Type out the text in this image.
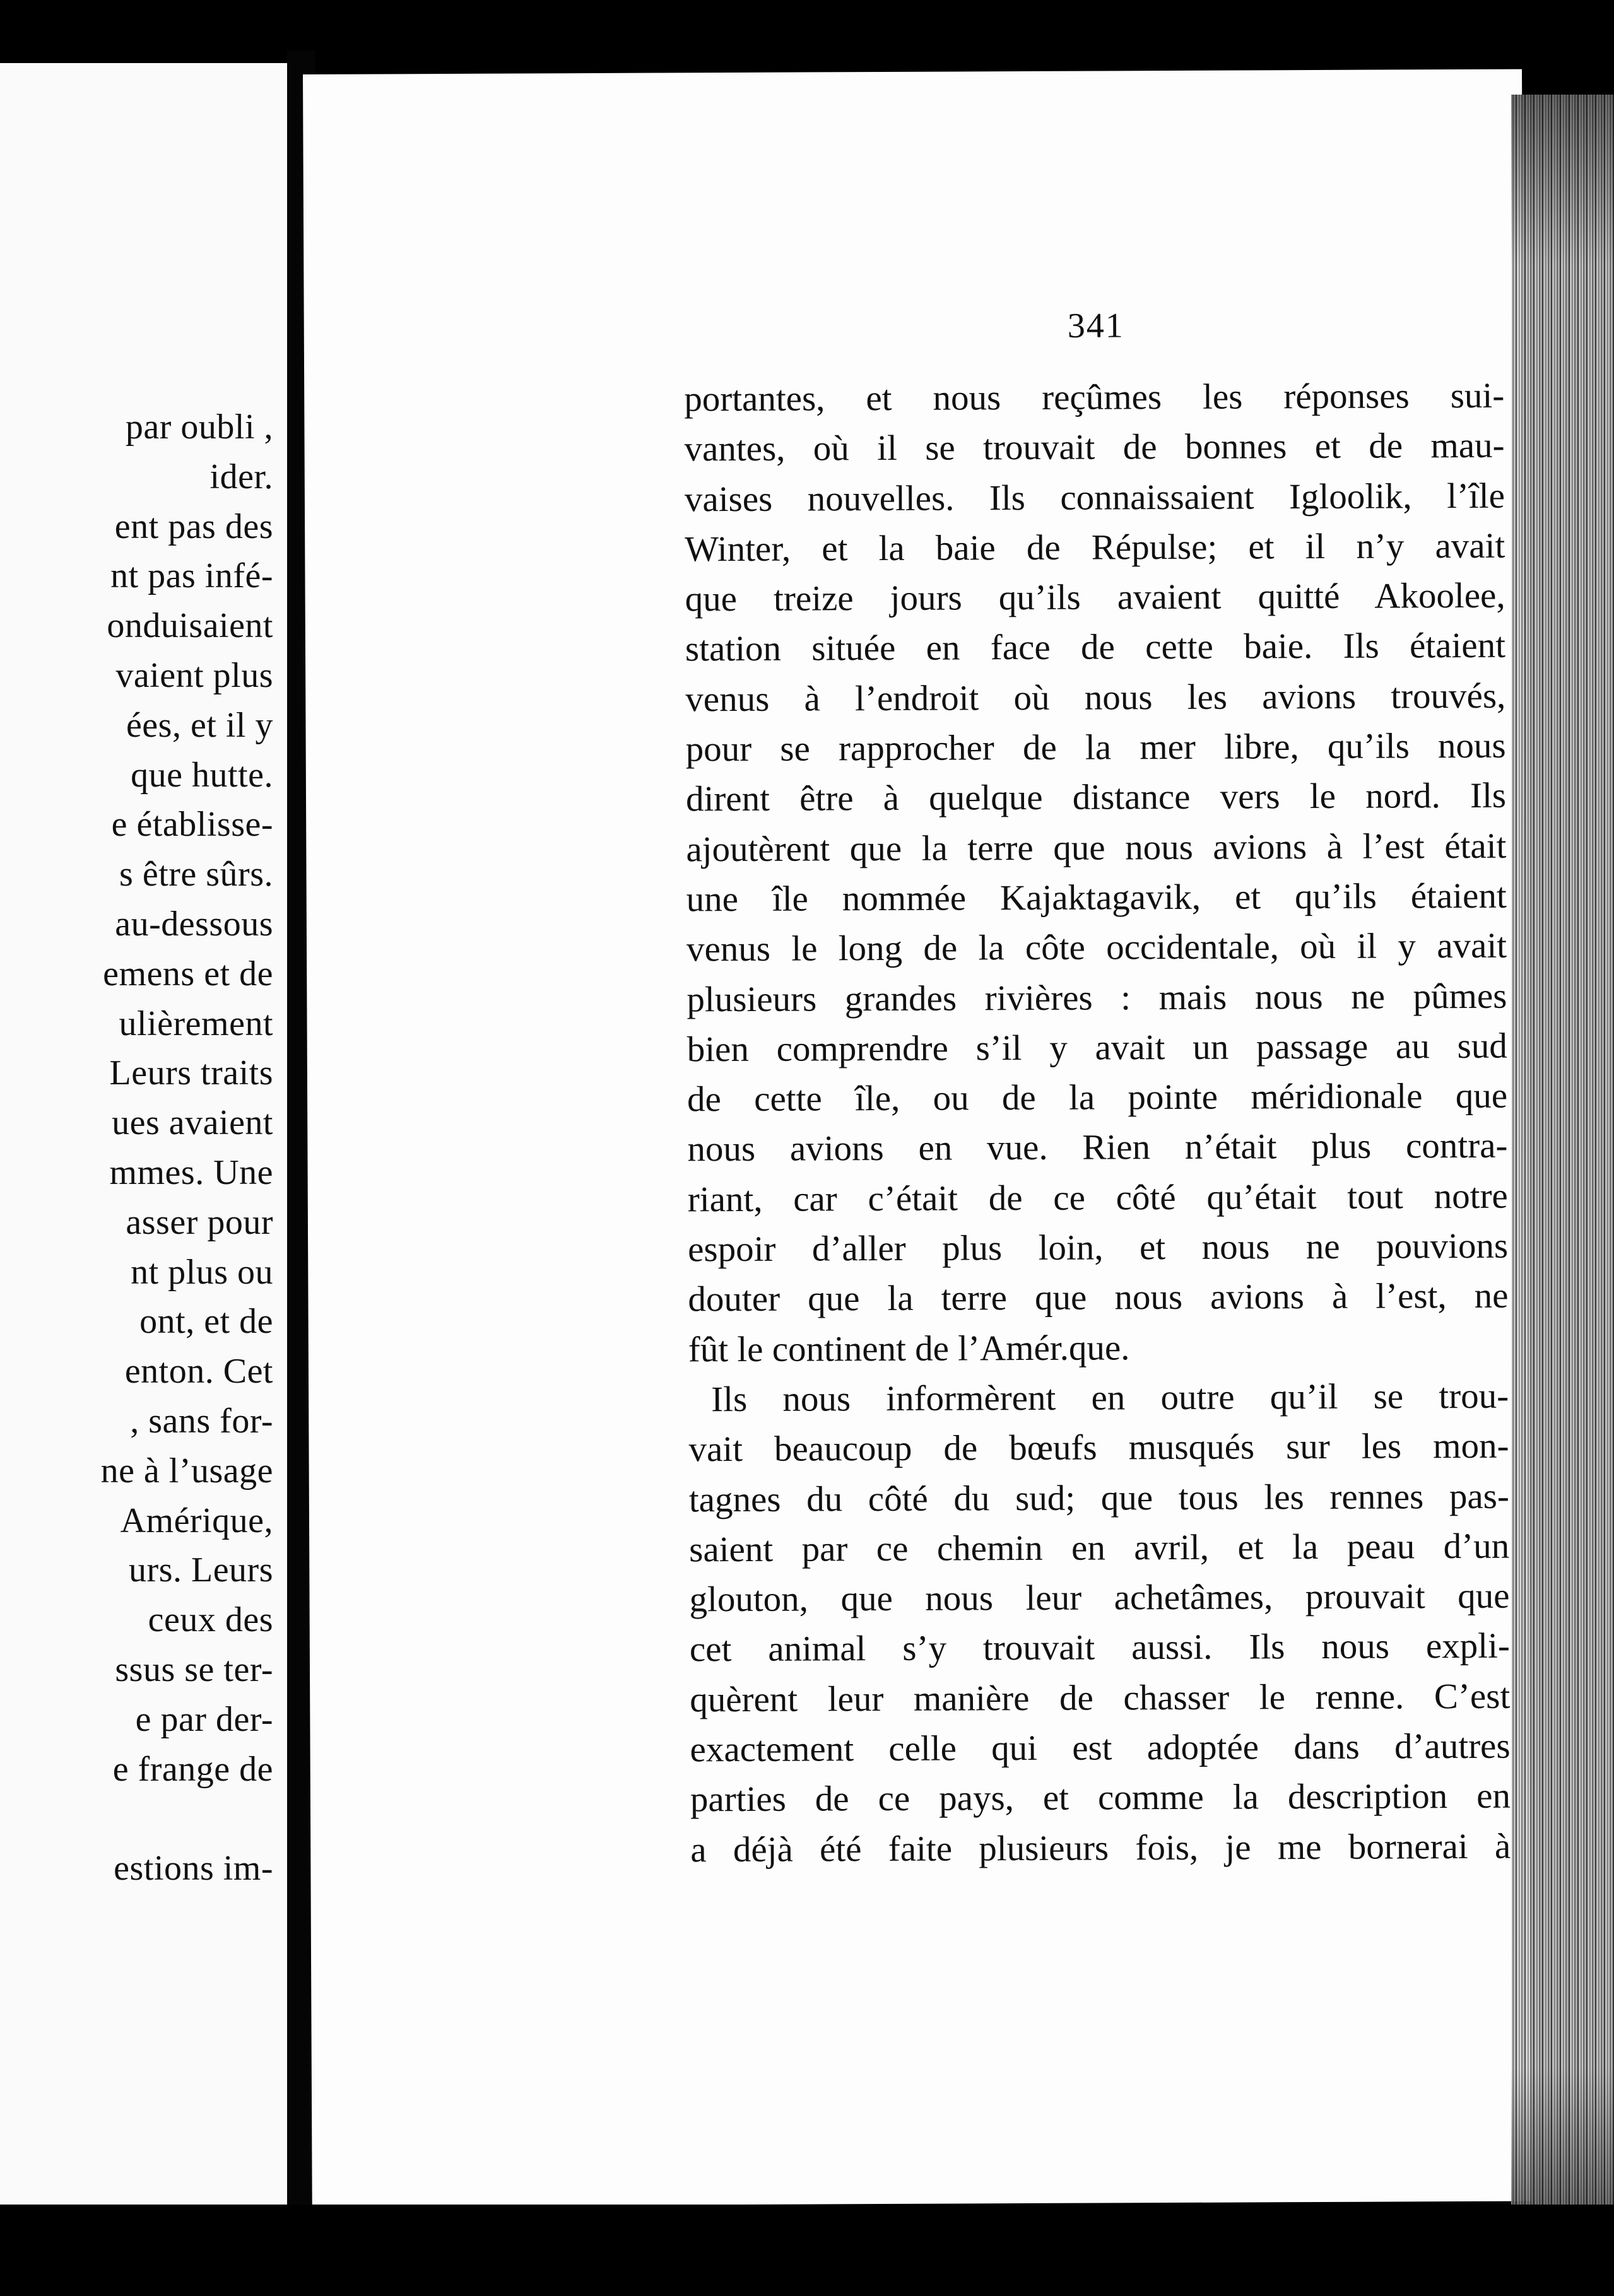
par oubli ,
ider.
ent pas des
nt pas infé-
onduisaient
vaient plus
ées, et il y
que hutte.
e établisse-
s être sûrs.
au-dessous
emens et de
ulièrement
Leurs traits
ues avaient
mmes. Une
asser pour
nt plus ou
ont, et de
enton. Cet
, sans for-
ne à l’usage
Amérique,
urs. Leurs
ceux des
ssus se ter-
e par der-
e frange de
estions im-
341
portantes, et nous reçûmes les réponses sui-
vantes, où il se trouvait de bonnes et de mau-
vaises nouvelles. Ils connaissaient Igloolik, l’île
Winter, et la baie de Répulse; et il n’y avait
que treize jours qu’ils avaient quitté Akoolee,
station située en face de cette baie. Ils étaient
venus à l’endroit où nous les avions trouvés,
pour se rapprocher de la mer libre, qu’ils nous
dirent être à quelque distance vers le nord. Ils
ajoutèrent que la terre que nous avions à l’est était
une île nommée Kajaktagavik, et qu’ils étaient
venus le long de la côte occidentale, où il y avait
plusieurs grandes rivières : mais nous ne pûmes
bien comprendre s’il y avait un passage au sud
de cette île, ou de la pointe méridionale que
nous avions en vue. Rien n’était plus contra-
riant, car c’était de ce côté qu’était tout notre
espoir d’aller plus loin, et nous ne pouvions
douter que la terre que nous avions à l’est, ne
fût le continent de l’Amér.que.
Ils nous informèrent en outre qu’il se trou-
vait beaucoup de bœufs musqués sur les mon-
tagnes du côté du sud; que tous les rennes pas-
saient par ce chemin en avril, et la peau d’un
glouton, que nous leur achetâmes, prouvait que
cet animal s’y trouvait aussi. Ils nous expli-
quèrent leur manière de chasser le renne. C’est
exactement celle qui est adoptée dans d’autres
parties de ce pays, et comme la description en
a déjà été faite plusieurs fois, je me bornerai à
